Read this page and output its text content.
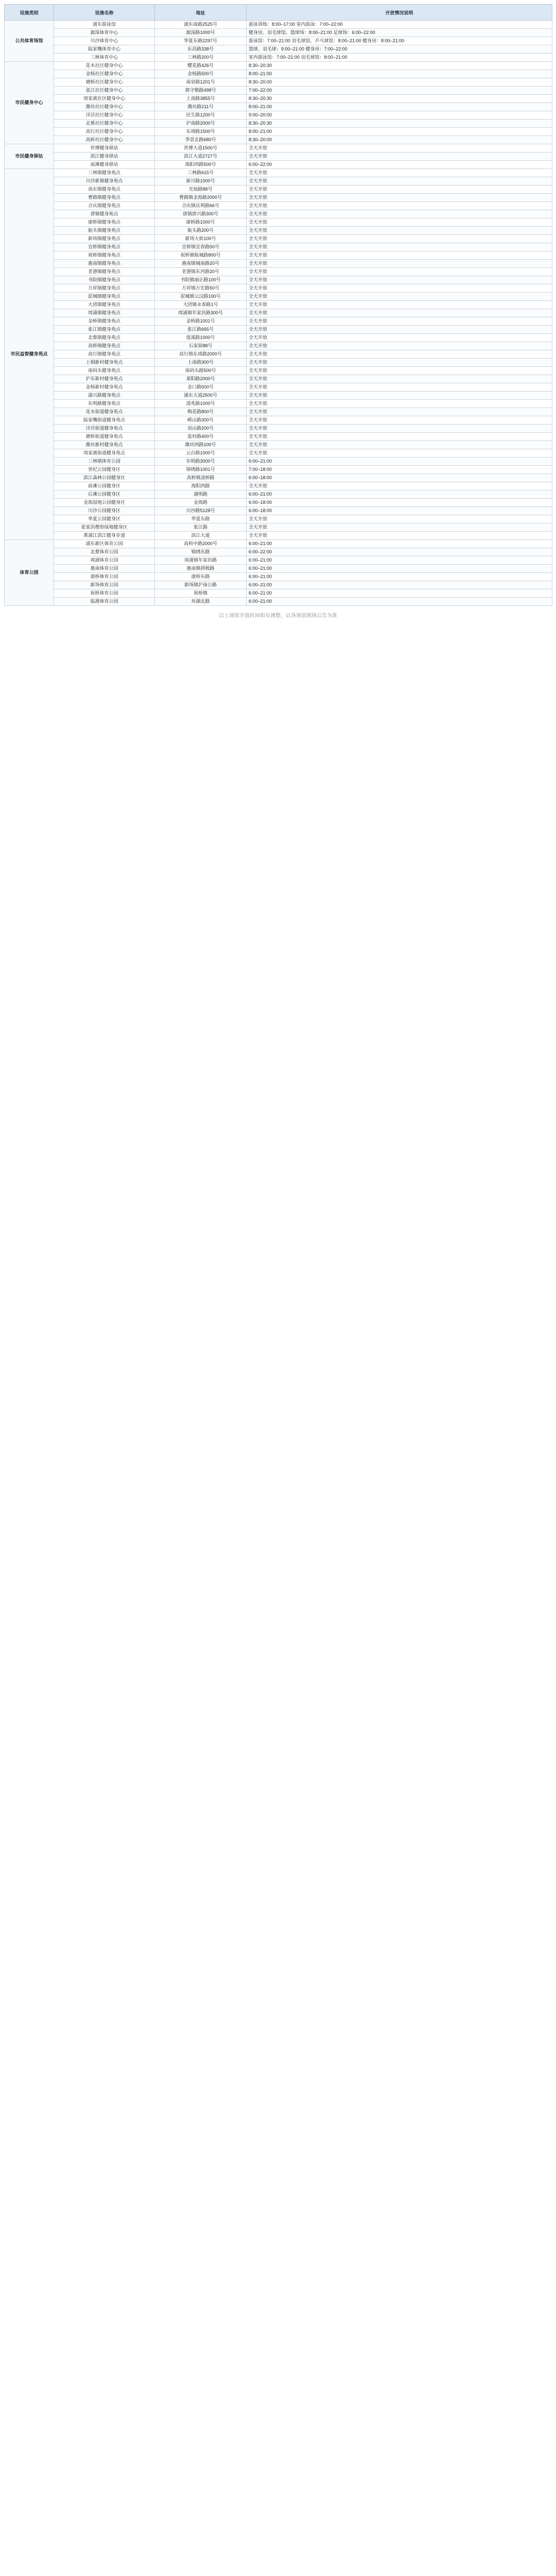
设施类别	设施名称	地址	开放情况说明
公共体育场馆	浦东游泳馆	浦东南路2525号	游泳训练：8:00–17:00 室内游泳：7:00–22:00
	源深体育中心	源深路1000号	健身房、羽毛球馆、篮球场：8:00–21:00 足球场：6:00–22:00
	川沙体育中心	华夏东路2297号	游泳馆：7:00–21:00 羽毛球馆、乒乓球馆：8:00–21:00 健身房：8:00–21:00
	陆家嘴体育中心	东昌路338号	篮球、羽毛球：9:00–21:00 健身房：7:00–22:00
	三林体育中心	三林路200号	室内游泳馆：7:00–21:00 羽毛球馆：8:00–21:00
市民健身中心	花木社区健身中心	樱花路426号	8:30–20:30
	金杨社区健身中心	金杨路500号	8:00–21:00
	塘桥社区健身中心	南泉路1201号	8:30–20:00
	张江社区健身中心	郭守敬路498号	7:00–22:00
	周家渡社区健身中心	上南路3855号	8:30–20:30
	潍坊社区健身中心	潍坊路211号	8:00–21:00
	洋泾社区健身中心	民生路1200号	9:00–20:00
	北蔡社区健身中心	沪南路2000号	8:30–20:30
	高行社区健身中心	东靖路1500号	8:00–21:00
	高桥社区健身中心	季景北路680号	8:30–20:00
市民健身驿站	世博健身驿站	世博大道1500号	全天开放
	滨江健身驿站	滨江大道2727号	全天开放
	前滩健身驿站	海阳西路500号	6:00–22:00
市民益智健身苑点	三林镇健身苑点	三林路615号	全天开放
	川沙新镇健身苑点	新川路1000号	全天开放
	高东镇健身苑点	光灿路88号	全天开放
	曹路镇健身苑点	曹路镇金海路2000号	全天开放
	合庆镇健身苑点	合庆镇庆利路66号	全天开放
	唐镇健身苑点	唐镇唐兴路300号	全天开放
	康桥镇健身苑点	康桥路1000号	全天开放
	航头镇健身苑点	航头路200号	全天开放
	新场镇健身苑点	新场大街100号	全天开放
	宣桥镇健身苑点	宣桥镇宣春路50号	全天开放
	祝桥镇健身苑点	祝桥镇航城路800号	全天开放
	惠南镇健身苑点	惠南镇城南路20号	全天开放
	老港镇健身苑点	老港镇东河路20号	全天开放
	书院镇健身苑点	书院镇丽正路100号	全天开放
	万祥镇健身苑点	万祥镇万宏路50号	全天开放
	泥城镇健身苑点	泥城镇云汉路100号	全天开放
	大团镇健身苑点	大团镇永春路1号	全天开放
	周浦镇健身苑点	周浦镇年家浜路300号	全天开放
	金桥镇健身苑点	金桥路1001号	全天开放
	张江镇健身苑点	张江路665号	全天开放
	北蔡镇健身苑点	莲溪路1000号	全天开放
	高桥镇健身苑点	石家街88号	全天开放
	高行镇健身苑点	高行镇东靖路2000号	全天开放
	上钢新村健身苑点	上南路300号	全天开放
	南码头健身苑点	南码头路500号	全天开放
	沪东新村健身苑点	莱阳路2000号	全天开放
	金杨新村健身苑点	金口路500号	全天开放
	浦兴路健身苑点	浦东大道2500号	全天开放
	东明路健身苑点	凌兆路1000号	全天开放
	花木街道健身苑点	梅花路800号	全天开放
	陆家嘴街道健身苑点	崂山路300号	全天开放
	洋泾街道健身苑点	羽山路200号	全天开放
	塘桥街道健身苑点	蓝村路400号	全天开放
	潍坊新村健身苑点	潍坊西路100号	全天开放
	周家渡街道健身苑点	云台路1000号	全天开放
	三林镇体育公园	东明路3000号	6:00–21:00
	世纪公园健身区	锦绣路1001号	7:00–18:00
	滨江森林公园健身区	高桥镇凌桥路	6:00–18:00
	前滩公园健身区	海阳西路	全天开放
	后滩公园健身区	浦明路	6:00–21:00
	金海湿地公园健身区	金海路	6:00–18:00
	川沙公园健身区	川沙路5128号	6:00–18:00
	华夏公园健身区	华夏东路	全天开放
	张家浜楔形绿地健身区	张江路	全天开放
	黄浦江滨江健身步道	滨江大道	全天开放
体育公园	浦东新区体育公园	高科中路2000号	6:00–21:00
	北蔡体育公园	锦绣东路	6:00–22:00
	周浦体育公园	周浦镇年家浜路	6:00–21:00
	惠南体育公园	惠南镇拱极路	6:00–21:00
	康桥体育公园	康桥东路	6:00–21:00
	新场体育公园	新场镇沪南公路	6:00–21:00
	祝桥体育公园	祝桥镇	6:00–21:00
	临港体育公园	环湖北路	6:00–21:00
以上场馆开放时间如有调整，以各场馆现场公告为准
